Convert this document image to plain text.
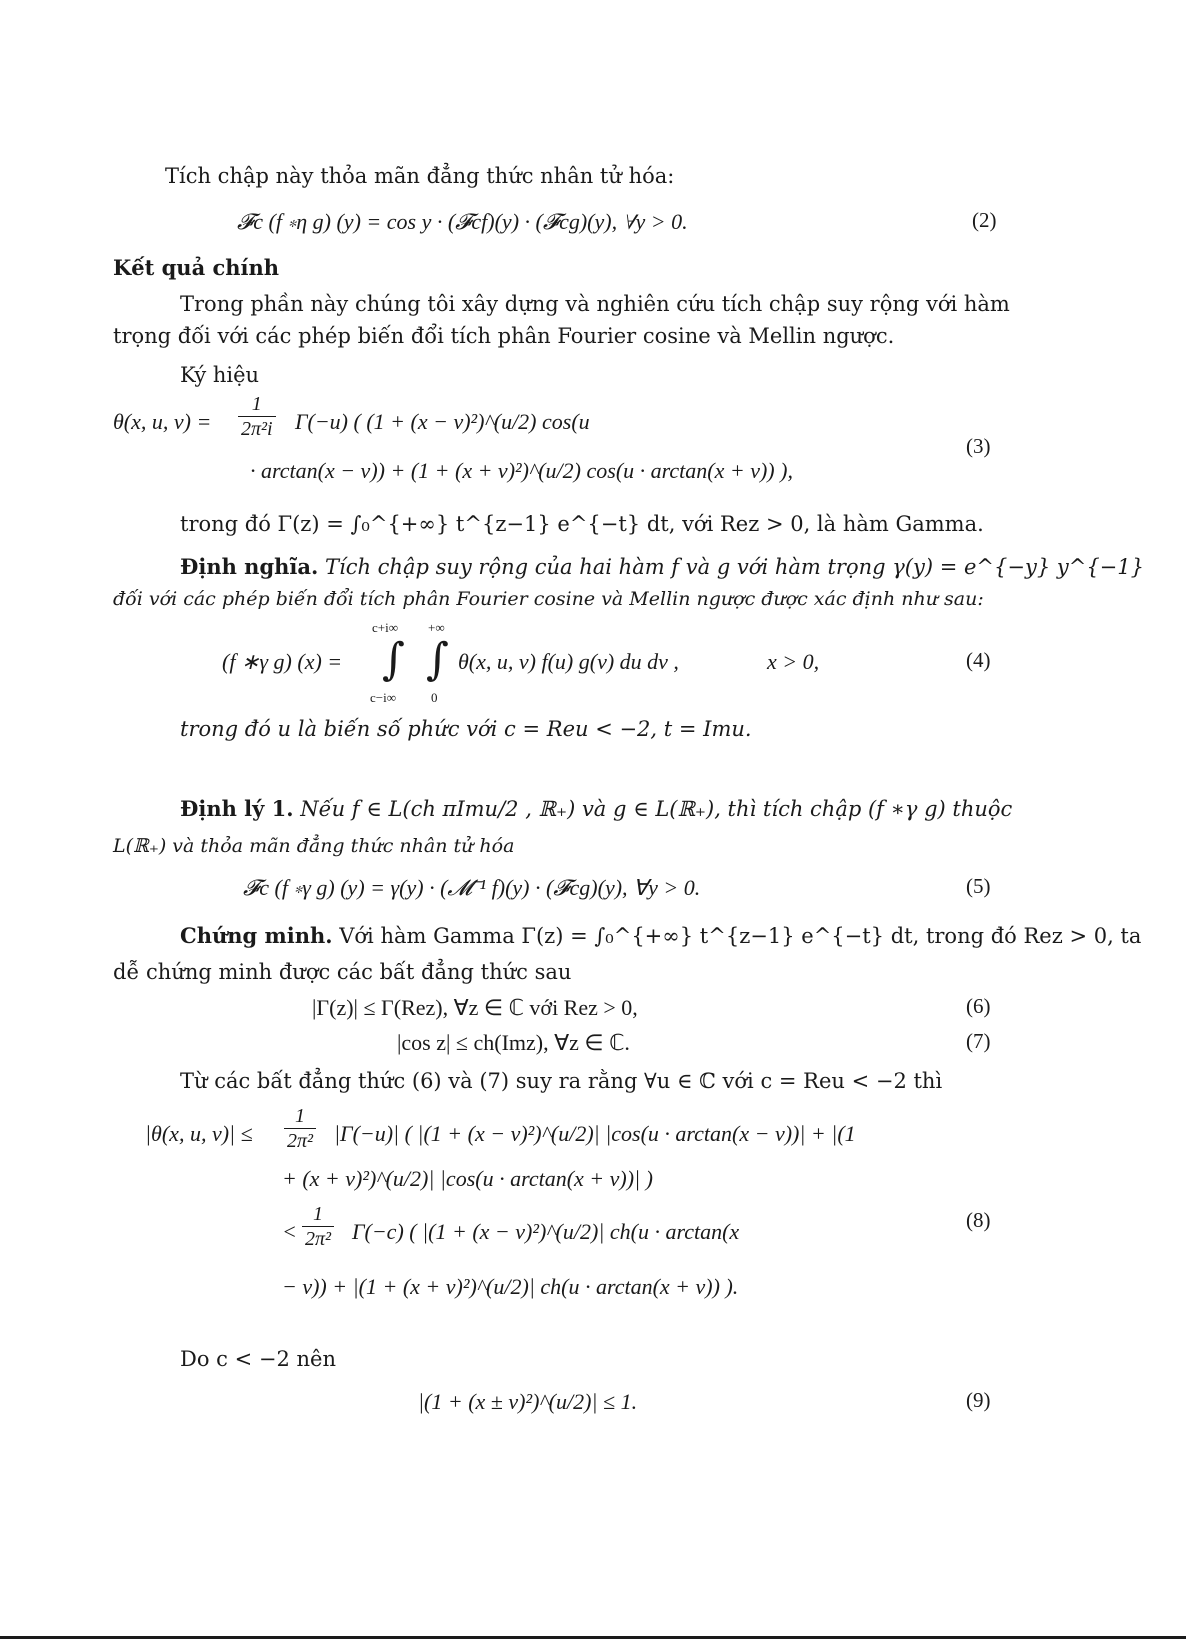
Tích chập này thỏa mãn đẳng thức nhân tử hóa:
𝓕c (f ∗η g) (y) = cos y · (𝓕cf)(y) · (𝓕cg)(y), ∀y > 0.	(2)
Kết quả chính
Trong phần này chúng tôi xây dựng và nghiên cứu tích chập suy rộng với hàm
trọng đối với các phép biến đổi tích phân Fourier cosine và Mellin ngược.
Ký hiệu
θ(x, u, $v) = \frac{1}{\text{2π²i}} \Gamma(-u)$ ( (1 + (x − v)²)^(u/2) cos(u
· arctan(x − v)) + (1 + (x + v)²)^(u/2) cos(u · arctan(x + v)) ),
(3)
trong đó Γ(z) = ∫₀^{+∞} t^{z−1} e^{−t} dt, với Rez > 0, là hàm Gamma.
Định nghĩa. Tích chập suy rộng của hai hàm f và g với hàm trọng γ(y) = e^{−y} y^{−1}
đối với các phép biến đổi tích phân Fourier cosine và Mellin ngược được xác định như sau:
(f ∗γ g) (x) =
c+i∞ +∞
∫ ∫
c−i∞	0
θ(x, u, v) f(u) g(v) du dv ,	x > 0,	(4)
trong đó u là biến số phức với c = Reu < −2, t = Imu.
Định lý 1. Nếu f ∈ L(ch πImu/2 , ℝ₊) và g ∈ L(ℝ₊), thì tích chập (f ∗γ g) thuộc
L(ℝ₊) và thỏa mãn đẳng thức nhân tử hóa
𝓕c (f ∗γ g) (y) = γ(y) · (𝓜⁻¹ f)(y) · (𝓕cg)(y), ∀y > 0.	(5)
Chứng minh. Với hàm Gamma Γ(z) = ∫₀^{+∞} t^{z−1} e^{−t} dt, trong đó Rez > 0, ta
dễ chứng minh được các bất đẳng thức sau
|Γ(z)| ≤ Γ(Rez), ∀z ∈ ℂ với Rez > 0,	(6)
|cos z| ≤ ch(Imz), ∀z ∈ ℂ.	(7)
Từ các bất đẳng thức (6) và (7) suy ra rằng ∀u ∈ ℂ với c = Reu < −2 thì
|θ(x, u, $v)| \le \frac{1}{\text{2π²}} |\Gamma(-u)|$ ( |(1 + (x − v)²)^(u/2)| |cos(u · arctan(x − v))| + |(1
+ (x + v)²)^(u/2)| |cos(u · arctan(x + v))| )
< $\frac{1}{\text{2π²}} \Gamma(-c)$ ( |(1 + (x − v)²)^(u/2)| ch(u · arctan(x
− v)) + |(1 + (x + v)²)^(u/2)| ch(u · arctan(x + v)) ).
(8)
Do c < −2 nên
|(1 + (x ± v)²)^(u/2)| ≤ 1.	(9)
